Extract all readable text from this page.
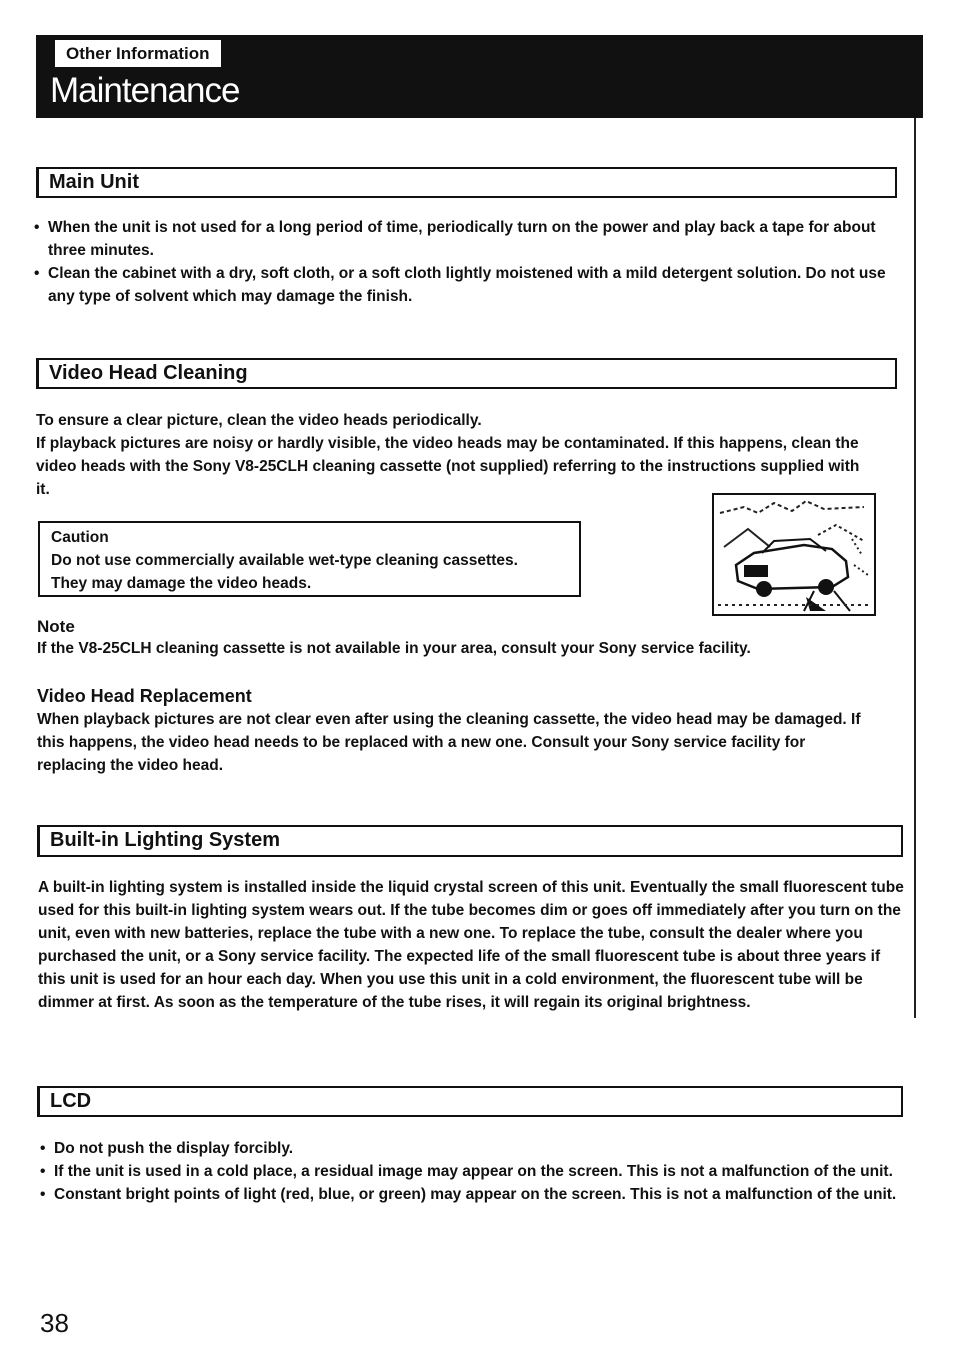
Other Information
Maintenance
Main Unit
• When the unit is not used for a long period of time, periodically turn on the power and play back a tape for about three minutes.
• Clean the cabinet with a dry, soft cloth, or a soft cloth lightly moistened with a mild detergent solution. Do not use any type of solvent which may damage the finish.
Video Head Cleaning

To ensure a clear picture, clean the video heads periodically.

If playback pictures are noisy or hardly visible, the video heads may be contaminated. If this happens, clean the video heads with the Sony V8-25CLH cleaning cassette (not supplied) referring to the instructions supplied with it.

Caution

Do not use commercially available wet-type cleaning cassettes.

They may damage the video heads.

Note
If the V8-25CLH cleaning cassette is not available in your area, consult your Sony service facility.
Video Head Replacement
When playback pictures are not clear even after using the cleaning cassette, the video head may be damaged. If this happens, the video head needs to be replaced with a new one. Consult your Sony service facility for replacing the video head.
Built-in Lighting System
A built-in lighting system is installed inside the liquid crystal screen of this unit. Eventually the small fluorescent tube used for this built-in lighting system wears out. If the tube becomes dim or goes off immediately after you turn on the unit, even with new batteries, replace the tube with a new one. To replace the tube, consult the dealer where you purchased the unit, or a Sony service facility. The expected life of the small fluorescent tube is about three years if this unit is used for an hour each day. When you use this unit in a cold environment, the fluorescent tube will be dimmer at first. As soon as the temperature of the tube rises, it will regain its original brightness.
LCD
• Do not push the display forcibly.
• If the unit is used in a cold place, a residual image may appear on the screen. This is not a malfunction of the unit.
• Constant bright points of light (red, blue, or green) may appear on the screen. This is not a malfunction of the unit.
38
